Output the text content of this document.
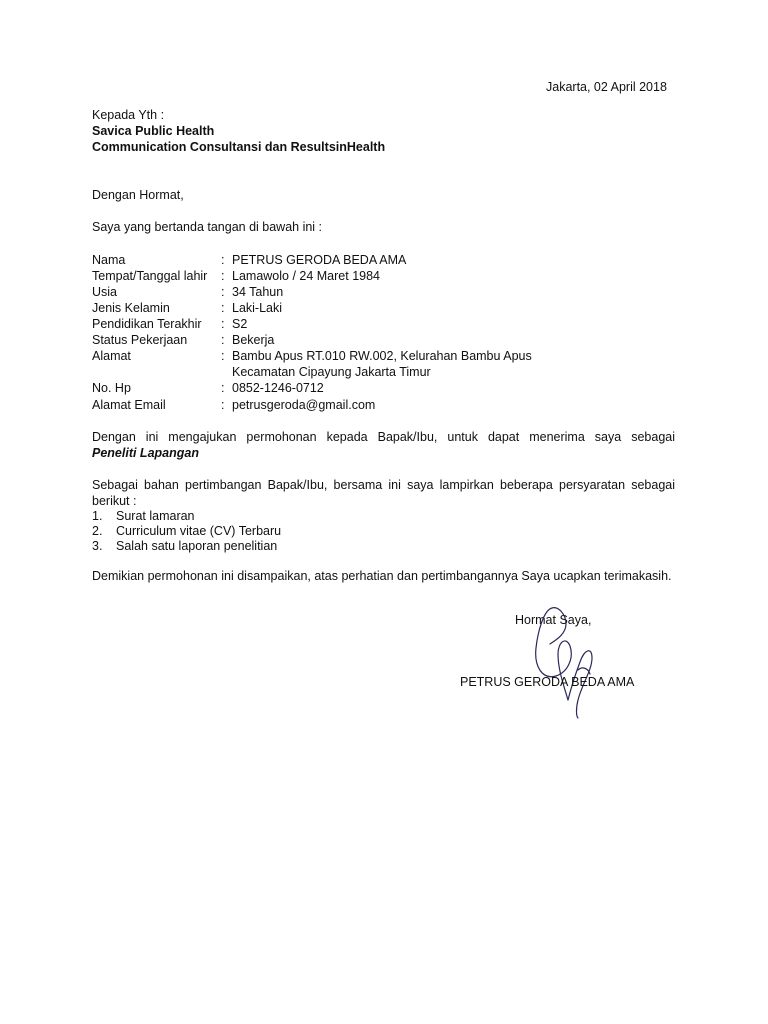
Jakarta, 02 April 2018
Kepada Yth :
Savica Public Health
Communication Consultansi dan ResultsinHealth
Dengan Hormat,
Saya yang bertanda tangan di bawah ini :
Nama	: PETRUS GERODA BEDA AMA
Tempat/Tanggal lahir : Lamawolo / 24 Maret 1984
Usia	: 34 Tahun
Jenis Kelamin	: Laki-Laki
Pendidikan Terakhir : S2
Status Pekerjaan	: Bekerja
Alamat	: Bambu Apus RT.010 RW.002, Kelurahan Bambu Apus
Kecamatan Cipayung Jakarta Timur
No. Hp	: 0852-1246-0712
Alamat Email	: petrusgeroda@gmail.com
Dengan ini mengajukan permohonan kepada Bapak/Ibu, untuk dapat menerima saya sebagai
Peneliti Lapangan
Sebagai bahan pertimbangan Bapak/Ibu, bersama ini saya lampirkan beberapa persyaratan sebagai berikut :
1. Surat lamaran
2. Curriculum vitae (CV) Terbaru
3. Salah satu laporan penelitian
Demikian permohonan ini disampaikan, atas perhatian dan pertimbangannya Saya ucapkan terimakasih.
Hormat Saya,
PETRUS GERODA BEDA AMA
